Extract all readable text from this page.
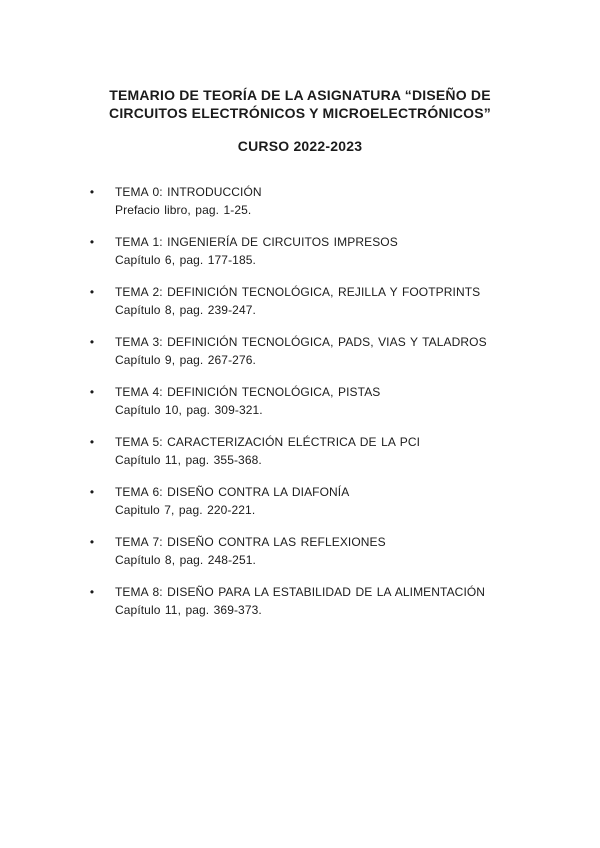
TEMARIO DE TEORÍA DE LA ASIGNATURA “DISEÑO DE
CIRCUITOS ELECTRÓNICOS Y MICROELECTRÓNICOS”
CURSO 2022-2023
•	TEMA 0: INTRODUCCIÓN
Prefacio libro, pag. 1-25.
•	TEMA 1: INGENIERÍA DE CIRCUITOS IMPRESOS
Capítulo 6, pag. 177-185.
•	TEMA 2: DEFINICIÓN TECNOLÓGICA, REJILLA Y FOOTPRINTS
Capítulo 8, pag. 239-247.
•	TEMA 3: DEFINICIÓN TECNOLÓGICA, PADS, VIAS Y TALADROS
Capítulo 9, pag. 267-276.
•	TEMA 4: DEFINICIÓN TECNOLÓGICA, PISTAS
Capítulo 10, pag. 309-321.
•	TEMA 5: CARACTERIZACIÓN ELÉCTRICA DE LA PCI
Capítulo 11, pag. 355-368.
•	TEMA 6: DISEÑO CONTRA LA DIAFONÍA
Capitulo 7, pag. 220-221.
•	TEMA 7: DISEÑO CONTRA LAS REFLEXIONES
Capítulo 8, pag. 248-251.
•	TEMA 8: DISEÑO PARA LA ESTABILIDAD DE LA ALIMENTACIÓN
Capítulo 11, pag. 369-373.
